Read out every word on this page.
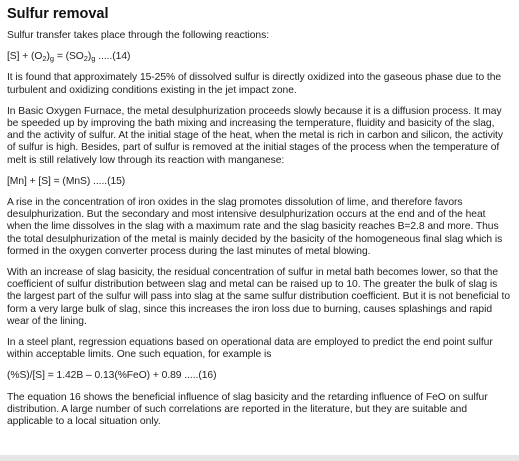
Sulfur removal

Sulfur transfer takes place through the following reactions:

$[S] + (O_2)_g = (SO_2)_g$ .....(14)

It is found that approximately 15-25% of dissolved sulfur is directly oxidized into the gaseous phase due to the turbulent and oxidizing conditions existing in the jet impact zone.

In Basic Oxygen Furnace, the metal desulphurization proceeds slowly because it is a diffusion process. It may be speeded up by improving the bath mixing and increasing the temperature, fluidity and basicity of the slag, and the activity of sulfur. At the initial stage of the heat, when the metal is rich in carbon and silicon, the activity of sulfur is high. Besides, part of sulfur is removed at the initial stages of the process when the temperature of melt is still relatively low through its reaction with manganese:

[Mn] + [S] = (MnS) .....(15)

A rise in the concentration of iron oxides in the slag promotes dissolution of lime, and therefore favors desulphurization. But the secondary and most intensive desulphurization occurs at the end and of the heat when the lime dissolves in the slag with a maximum rate and the slag basicity reaches B=2.8 and more. Thus the total desulphurization of the metal is mainly decided by the basicity of the homogeneous final slag which is formed in the oxygen converter process during the last minutes of metal blowing.

With an increase of slag basicity, the residual concentration of sulfur in metal bath becomes lower, so that the coefficient of sulfur distribution between slag and metal can be raised up to 10. The greater the bulk of slag is the largest part of the sulfur will pass into slag at the same sulfur distribution coefficient. But it is not beneficial to form a very large bulk of slag, since this increases the iron loss due to burning, causes splashings and rapid wear of the lining.

In a steel plant, regression equations based on operational data are employed to predict the end point sulfur within acceptable limits. One such equation, for example is

(%S)/[S] = 1.42B – 0.13(%FeO) + 0.89 .....(16)

The equation 16 shows the beneficial influence of slag basicity and the retarding influence of FeO on sulfur distribution. A large number of such correlations are reported in the literature, but they are suitable and applicable to a local situation only.
